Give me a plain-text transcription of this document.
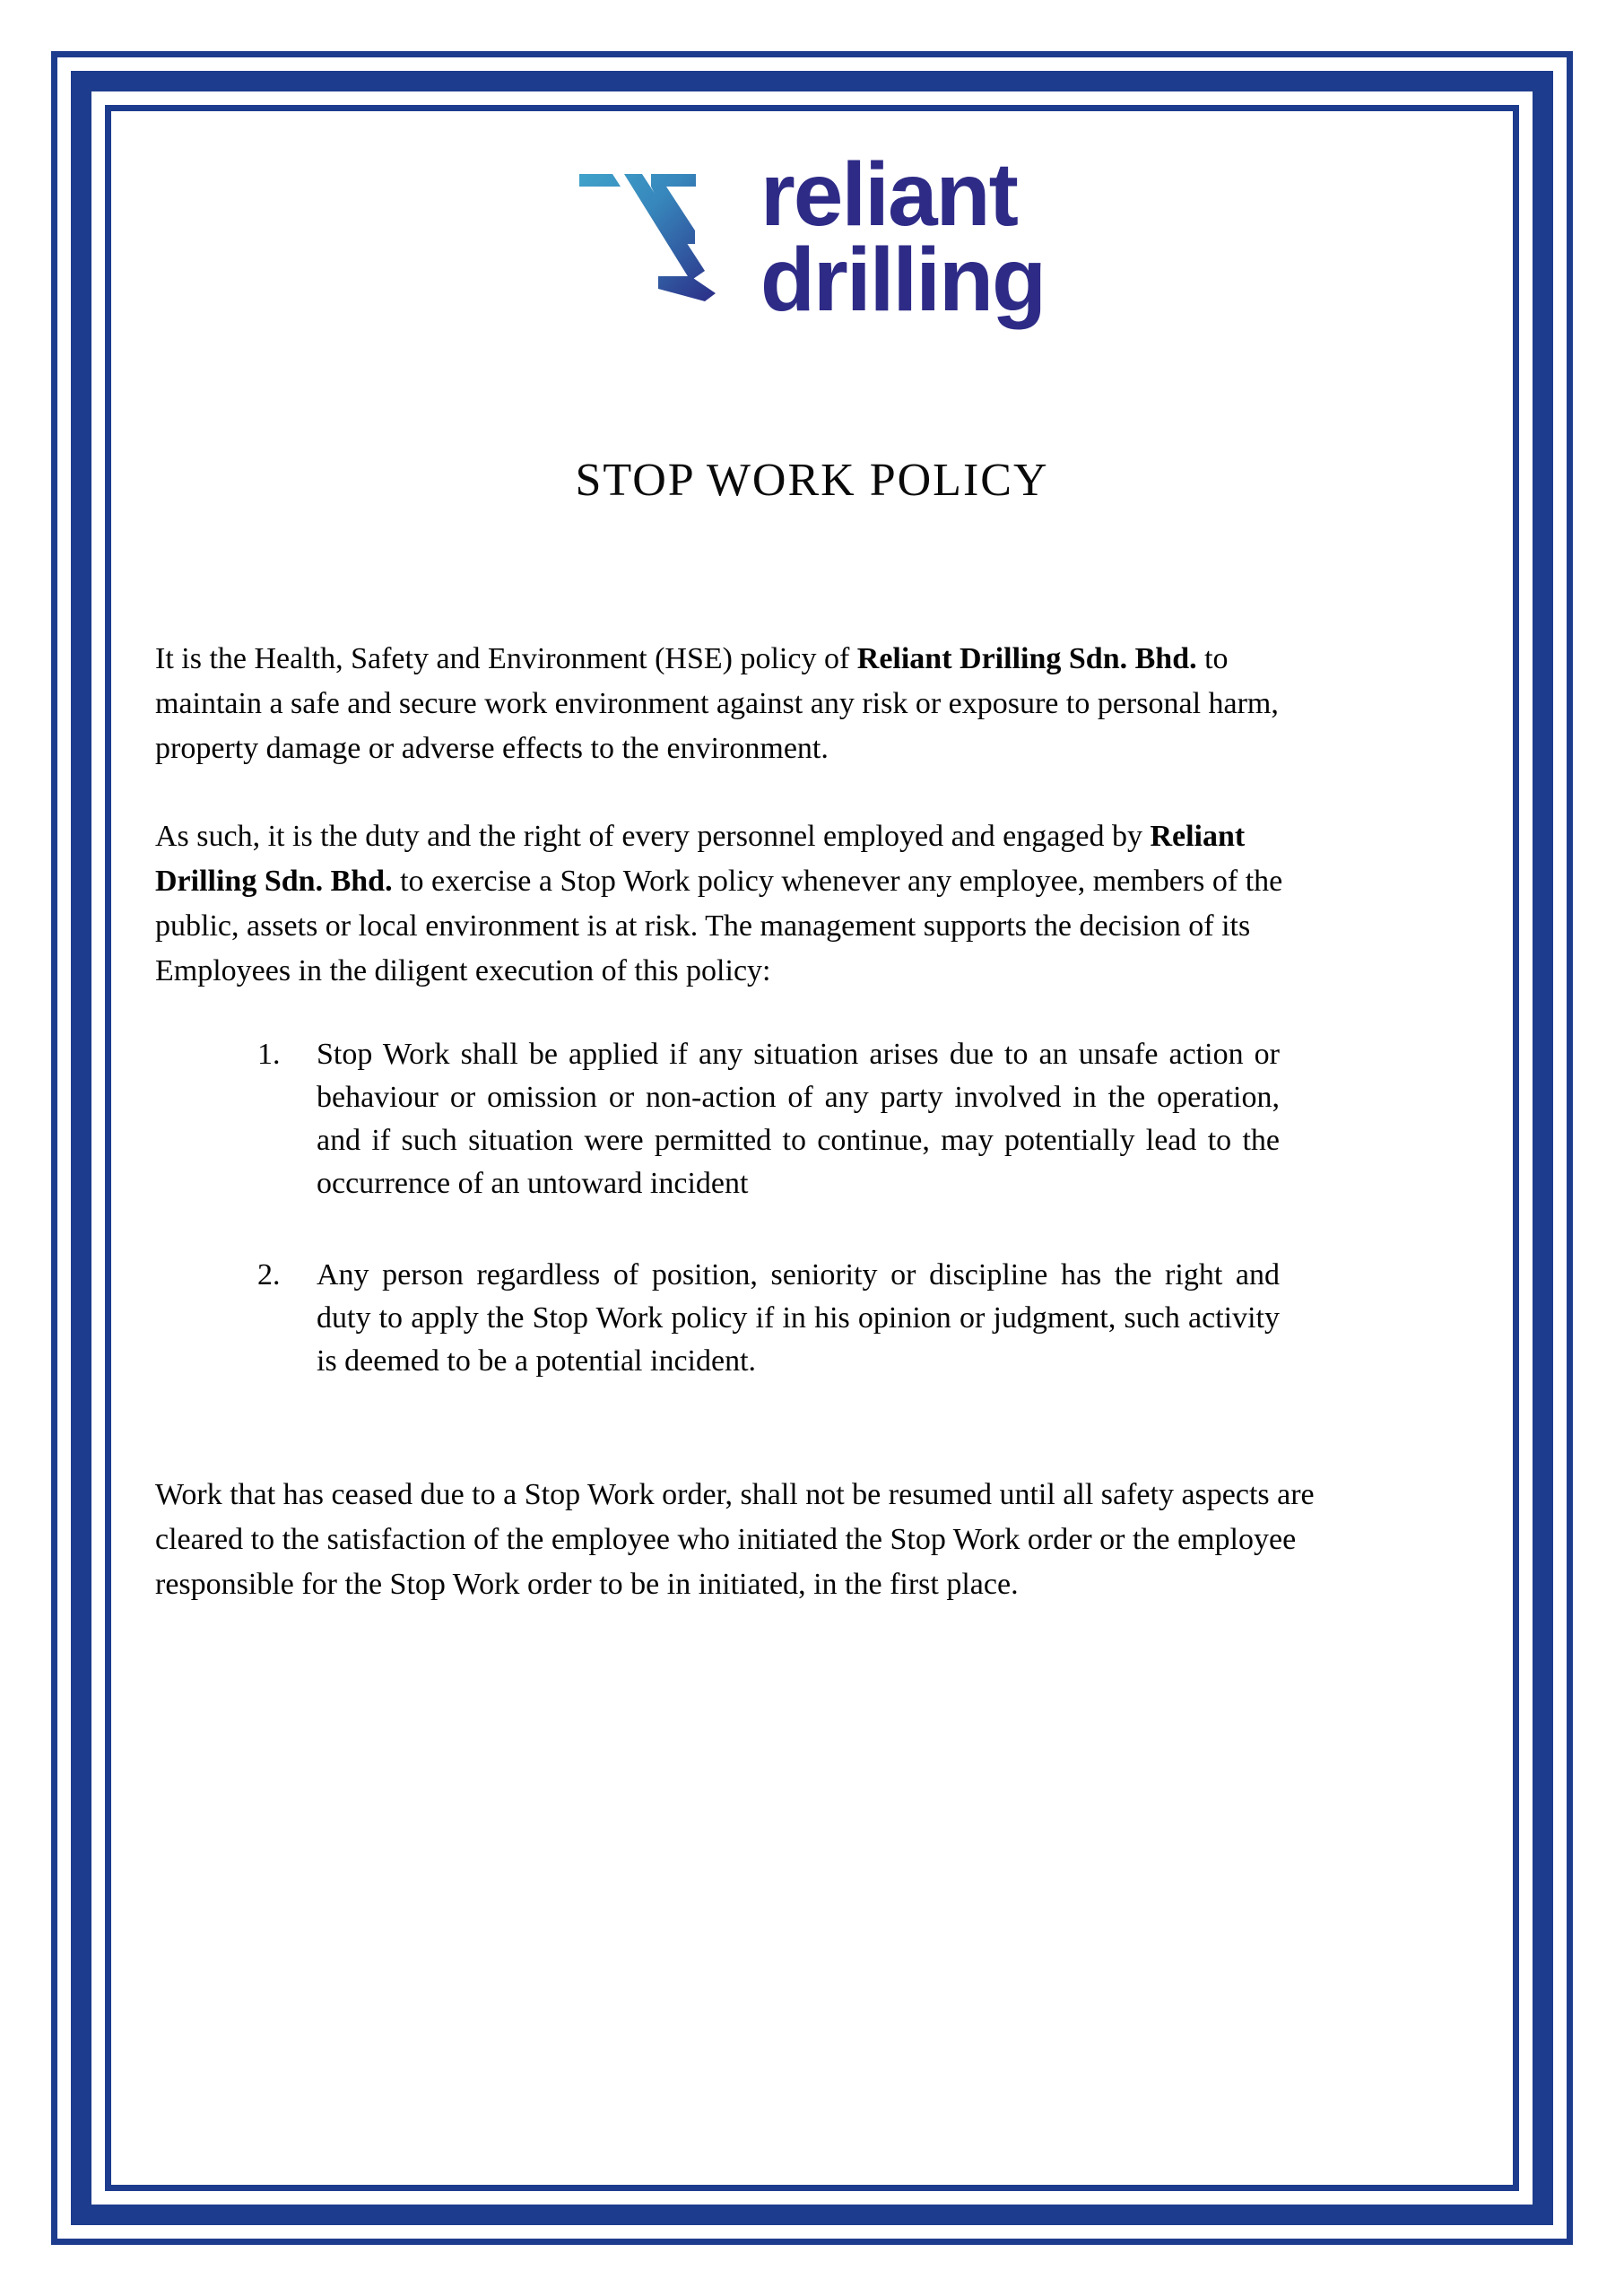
reliant
drilling
STOP WORK POLICY

It is the Health, Safety and Environment (HSE) policy of Reliant Drilling Sdn. Bhd. to maintain a safe and secure work environment against any risk or exposure to personal harm, property damage or adverse effects to the environment.

As such, it is the duty and the right of every personnel employed and engaged by Reliant Drilling Sdn. Bhd. to exercise a Stop Work policy whenever any employee, members of the public, assets or local environment is at risk. The management supports the decision of its Employees in the diligent execution of this policy:

1.	Stop Work shall be applied if any situation arises due to an unsafe action or behaviour or omission or non-action of any party involved in the operation, and if such situation were permitted to continue, may potentially lead to the occurrence of an untoward incident
2.	Any person regardless of position, seniority or discipline has the right and duty to apply the Stop Work policy if in his opinion or judgment, such activity is deemed to be a potential incident.

Work that has ceased due to a Stop Work order, shall not be resumed until all safety aspects are cleared to the satisfaction of the employee who initiated the Stop Work order or the employee responsible for the Stop Work order to be in initiated, in the first place.
